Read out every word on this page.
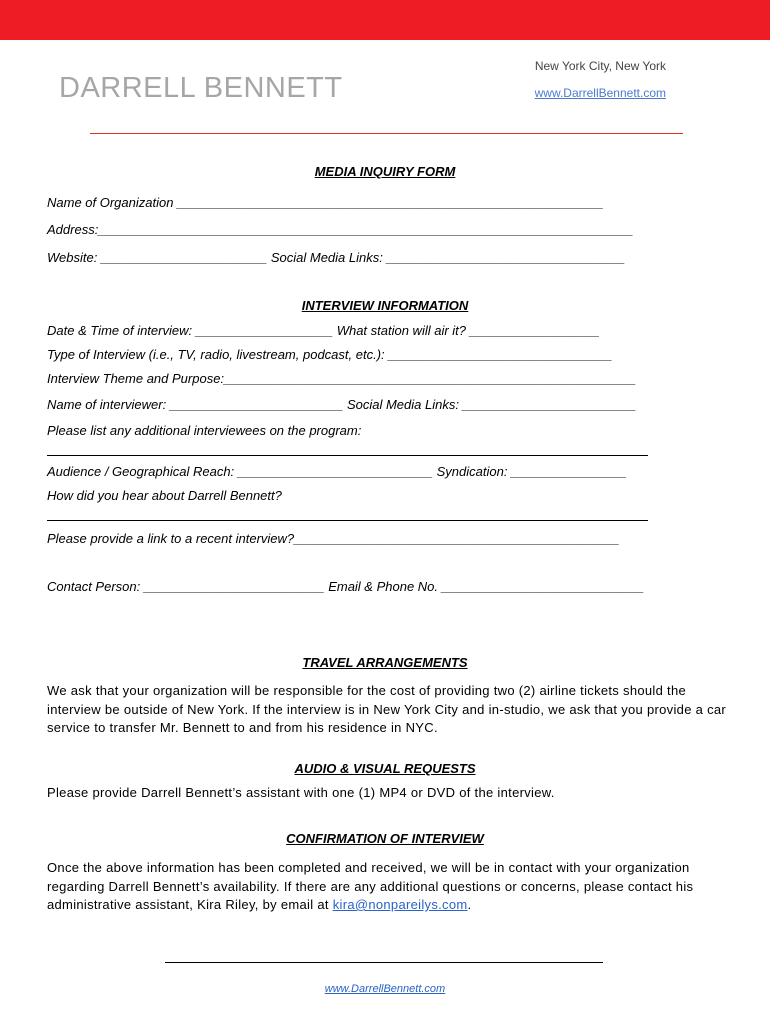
DARRELL BENNETT
New York City, New York
www.DarrellBennett.com
MEDIA INQUIRY FORM
Name of Organization ___________________________________________________________
Address:__________________________________________________________________________
Website: _______________________ Social Media Links: _________________________________
INTERVIEW INFORMATION
Date & Time of interview: ___________________ What station will air it? __________________
Type of Interview (i.e., TV, radio, livestream, podcast, etc.): _______________________________
Interview Theme and Purpose:_________________________________________________________
Name of interviewer: ________________________ Social Media Links: ________________________
Please list any additional interviewees on the program:
Audience / Geographical Reach: ___________________________ Syndication: ________________
How did you hear about Darrell Bennett?
Please provide a link to a recent interview?_____________________________________________
Contact Person: _________________________ Email & Phone No. ____________________________
TRAVEL ARRANGEMENTS
We ask that your organization will be responsible for the cost of providing two (2) airline tickets should the interview be outside of New York. If the interview is in New York City and in-studio, we ask that you provide a car service to transfer Mr. Bennett to and from his residence in NYC.
AUDIO & VISUAL REQUESTS
Please provide Darrell Bennett’s assistant with one (1) MP4 or DVD of the interview.
CONFIRMATION OF INTERVIEW
Once the above information has been completed and received, we will be in contact with your organization regarding Darrell Bennett’s availability. If there are any additional questions or concerns, please contact his administrative assistant, Kira Riley, by email at kira@nonpareilys.com.
www.DarrellBennett.com
